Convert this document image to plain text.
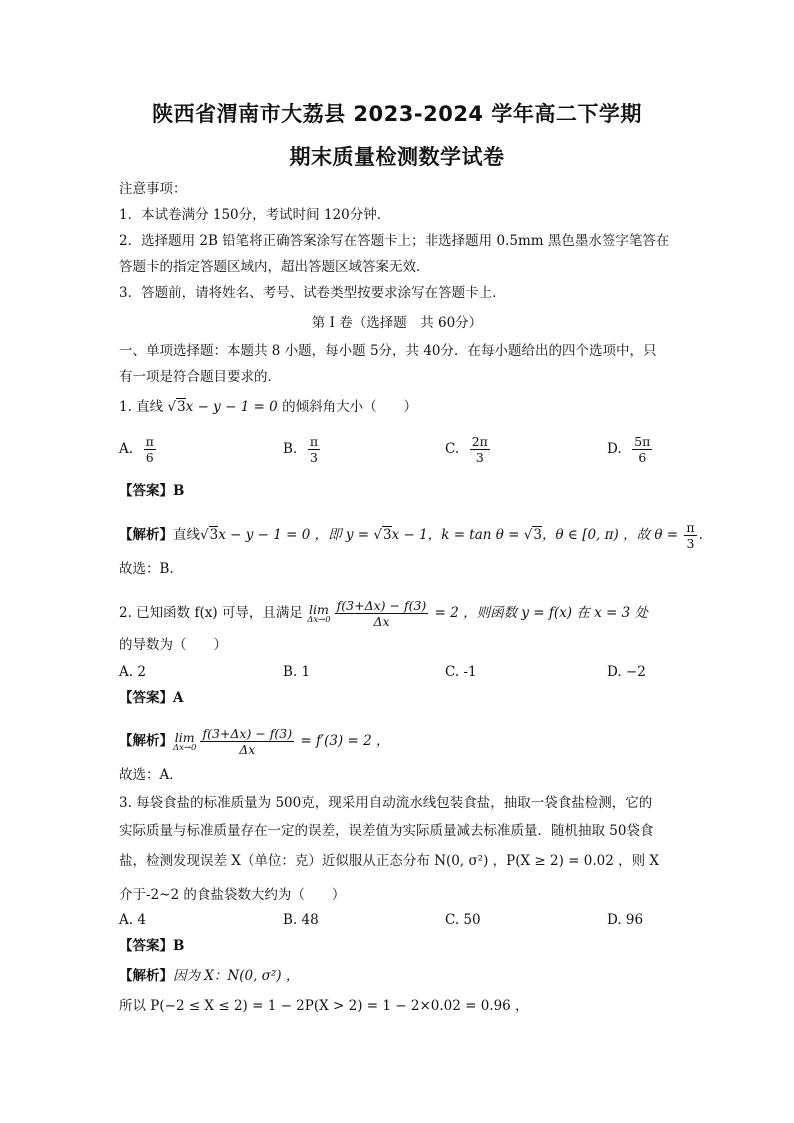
陕西省渭南市大荔县 2023-2024 学年高二下学期
期末质量检测数学试卷
注意事项：
1．本试卷满分 150分，考试时间 120分钟．
2．选择题用 2B 铅笔将正确答案涂写在答题卡上；非选择题用 0.5mm 黑色墨水签字笔答在
答题卡的指定答题区域内，超出答题区域答案无效．
3．答题前，请将姓名、考号、试卷类型按要求涂写在答题卡上．
第 I 卷（选择题　共 60分）
一、单项选择题：本题共 8 小题，每小题 5分，共 40分．在每小题给出的四个选项中，只
有一项是符合题目要求的．
1. 直线 √3x − y − 1 = 0 的倾斜角大小（　　）
A. $\frac{\pi}{6}$	B. $\frac{\pi}{3}$	C. $\frac{2\pi}{3}$	D. $\frac{5\pi}{6}$
【答案】B
【解析】直线√3x − y − 1 = 0 ，即 y = √3x − 1，k = tan θ = √3，θ ∈ [0, π) ，故 $\theta = \frac{\pi}{3}$ .
故选：B.
2. 已知函数 f(x) 可导，且满足 lim
$\Delta x\to 0 \frac{f(3+\Delta x) - f(3)}{\Delta x} = 2$ ，则函数 y = f(x) 在 x = 3 处
的导数为（　　）
A. 2	B. 1	C. -1	D. −2
【答案】A
【解析】 lim
$\Delta x\to 0 \frac{f(3+\Delta x) - f(3)}{\Delta x} = f'(3) = 2$ ，
故选：A．
3. 每袋食盐的标准质量为 500克，现采用自动流水线包装食盐，抽取一袋食盐检测，它的
实际质量与标准质量存在一定的误差，误差值为实际质量减去标准质量．随机抽取 50袋食
盐，检测发现误差 X（单位：克）近似服从正态分布 N(0, σ²) ，P(X ≥ 2) = 0.02 ，则 X
介于-2~2 的食盐袋数大约为（　　）
A. 4	B. 48	C. 50	D. 96
【答案】B
【解析】因为 X：N(0, σ²) ，
所以 P(−2 ≤ X ≤ 2) = 1 − 2P(X > 2) = 1 − 2×0.02 = 0.96 ，
